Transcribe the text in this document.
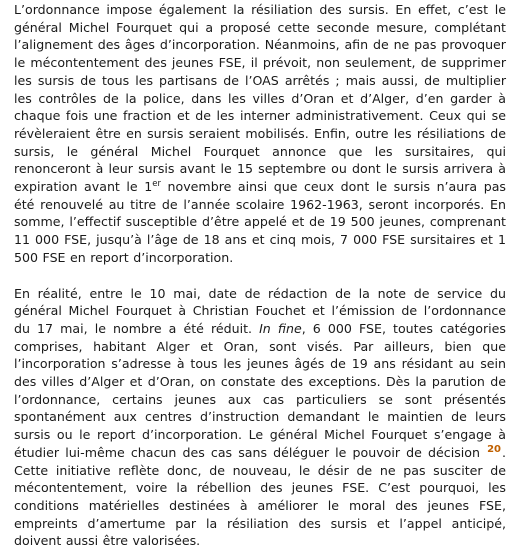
L’ordonnance impose également la résiliation des sursis. En effet, c’est le général Michel Fourquet qui a proposé cette seconde mesure, complétant l’alignement des âges d’incorporation. Néanmoins, afin de ne pas provoquer le mécontentement des jeunes FSE, il prévoit, non seulement, de supprimer les sursis de tous les partisans de l’OAS arrêtés ; mais aussi, de multiplier les contrôles de la police, dans les villes d’Oran et d’Alger, d’en garder à chaque fois une fraction et de les interner administrativement. Ceux qui se révèleraient être en sursis seraient mobilisés. Enfin, outre les résiliations de sursis, le général Michel Fourquet annonce que les sursitaires, qui renonceront à leur sursis avant le 15 septembre ou dont le sursis arrivera à expiration avant le 1er novembre ainsi que ceux dont le sursis n’aura pas été renouvelé au titre de l’année scolaire 1962-1963, seront incorporés. En somme, l’effectif susceptible d’être appelé et de 19 500 jeunes, comprenant 11 000 FSE, jusqu’à l’âge de 18 ans et cinq mois, 7 000 FSE sursitaires et 1 500 FSE en report d’incorporation.

En réalité, entre le 10 mai, date de rédaction de la note de service du général Michel Fourquet à Christian Fouchet et l’émission de l’ordonnance du 17 mai, le nombre a été réduit. In fine, 6 000 FSE, toutes catégories comprises, habitant Alger et Oran, sont visés. Par ailleurs, bien que l’incorporation s’adresse à tous les jeunes âgés de 19 ans résidant au sein des villes d’Alger et d’Oran, on constate des exceptions. Dès la parution de l’ordonnance, certains jeunes aux cas particuliers se sont présentés spontanément aux centres d’instruction demandant le maintien de leurs sursis ou le report d’incorporation. Le général Michel Fourquet s’engage à étudier lui-même chacun des cas sans déléguer le pouvoir de décision $^{20}$. Cette initiative reflète donc, de nouveau, le désir de ne pas susciter de mécontentement, voire la rébellion des jeunes FSE. C’est pourquoi, les conditions matérielles destinées à améliorer le moral des jeunes FSE, empreints d’amertume par la résiliation des sursis et l’appel anticipé, doivent aussi être valorisées.
